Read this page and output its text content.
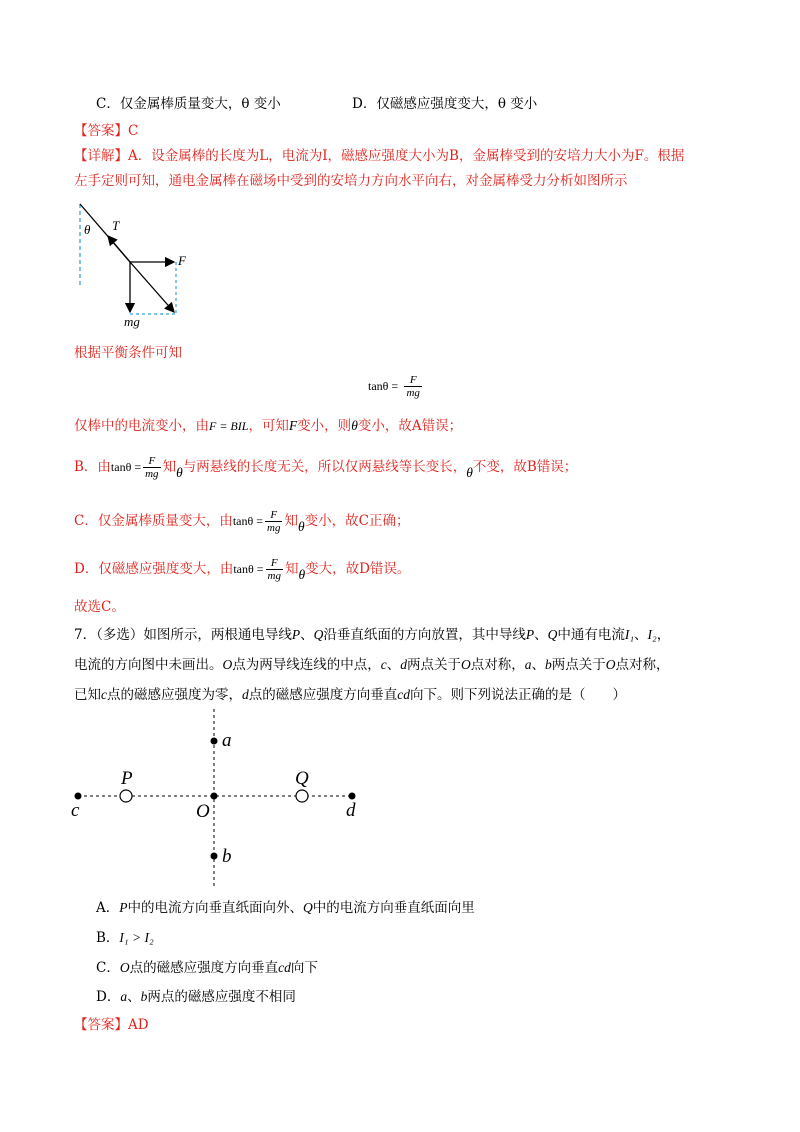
C．仅金属棒质量变大，θ 变小	D．仅磁感应强度变大，θ 变小
【答案】C
【详解】A．设金属棒的长度为L，电流为I，磁感应强度大小为B，金属棒受到的安培力大小为F。根据
左手定则可知，通电金属棒在磁场中受到的安培力方向水平向右，对金属棒受力分析如图所示
θ T
F
mg
根据平衡条件可知
$\tan\theta = \frac{F}{mg}$
仅棒中的电流变小，由F = BIL，可知F变小，则θ变小，故A错误；
B．由$\tan\theta = \frac{F}{mg}$ 知θ与两悬线的长度无关，所以仅两悬线等长变长，θ不变，故B错误；
C．仅金属棒质量变大，由$\tan\theta = \frac{F}{mg}$ 知θ变小，故C正确；
D．仅磁感应强度变大，由$\tan\theta = \frac{F}{mg}$ 知θ变大，故D错误。
故选C。
7．（多选）如图所示，两根通电导线P、Q沿垂直纸面的方向放置，其中导线P、Q中通有电流I₁、I₂，
电流的方向图中未画出。O点为两导线连线的中点，c、d两点关于O点对称，a、b两点关于O点对称，
已知c点的磁感应强度为零，d点的磁感应强度方向垂直cd向下。则下列说法正确的是（　　）
a
b
c	d
O
P	Q
A．P中的电流方向垂直纸面向外、Q中的电流方向垂直纸面向里
B．I₁ > I₂
C．O点的磁感应强度方向垂直cd向下
D．a、b两点的磁感应强度不相同
【答案】AD
